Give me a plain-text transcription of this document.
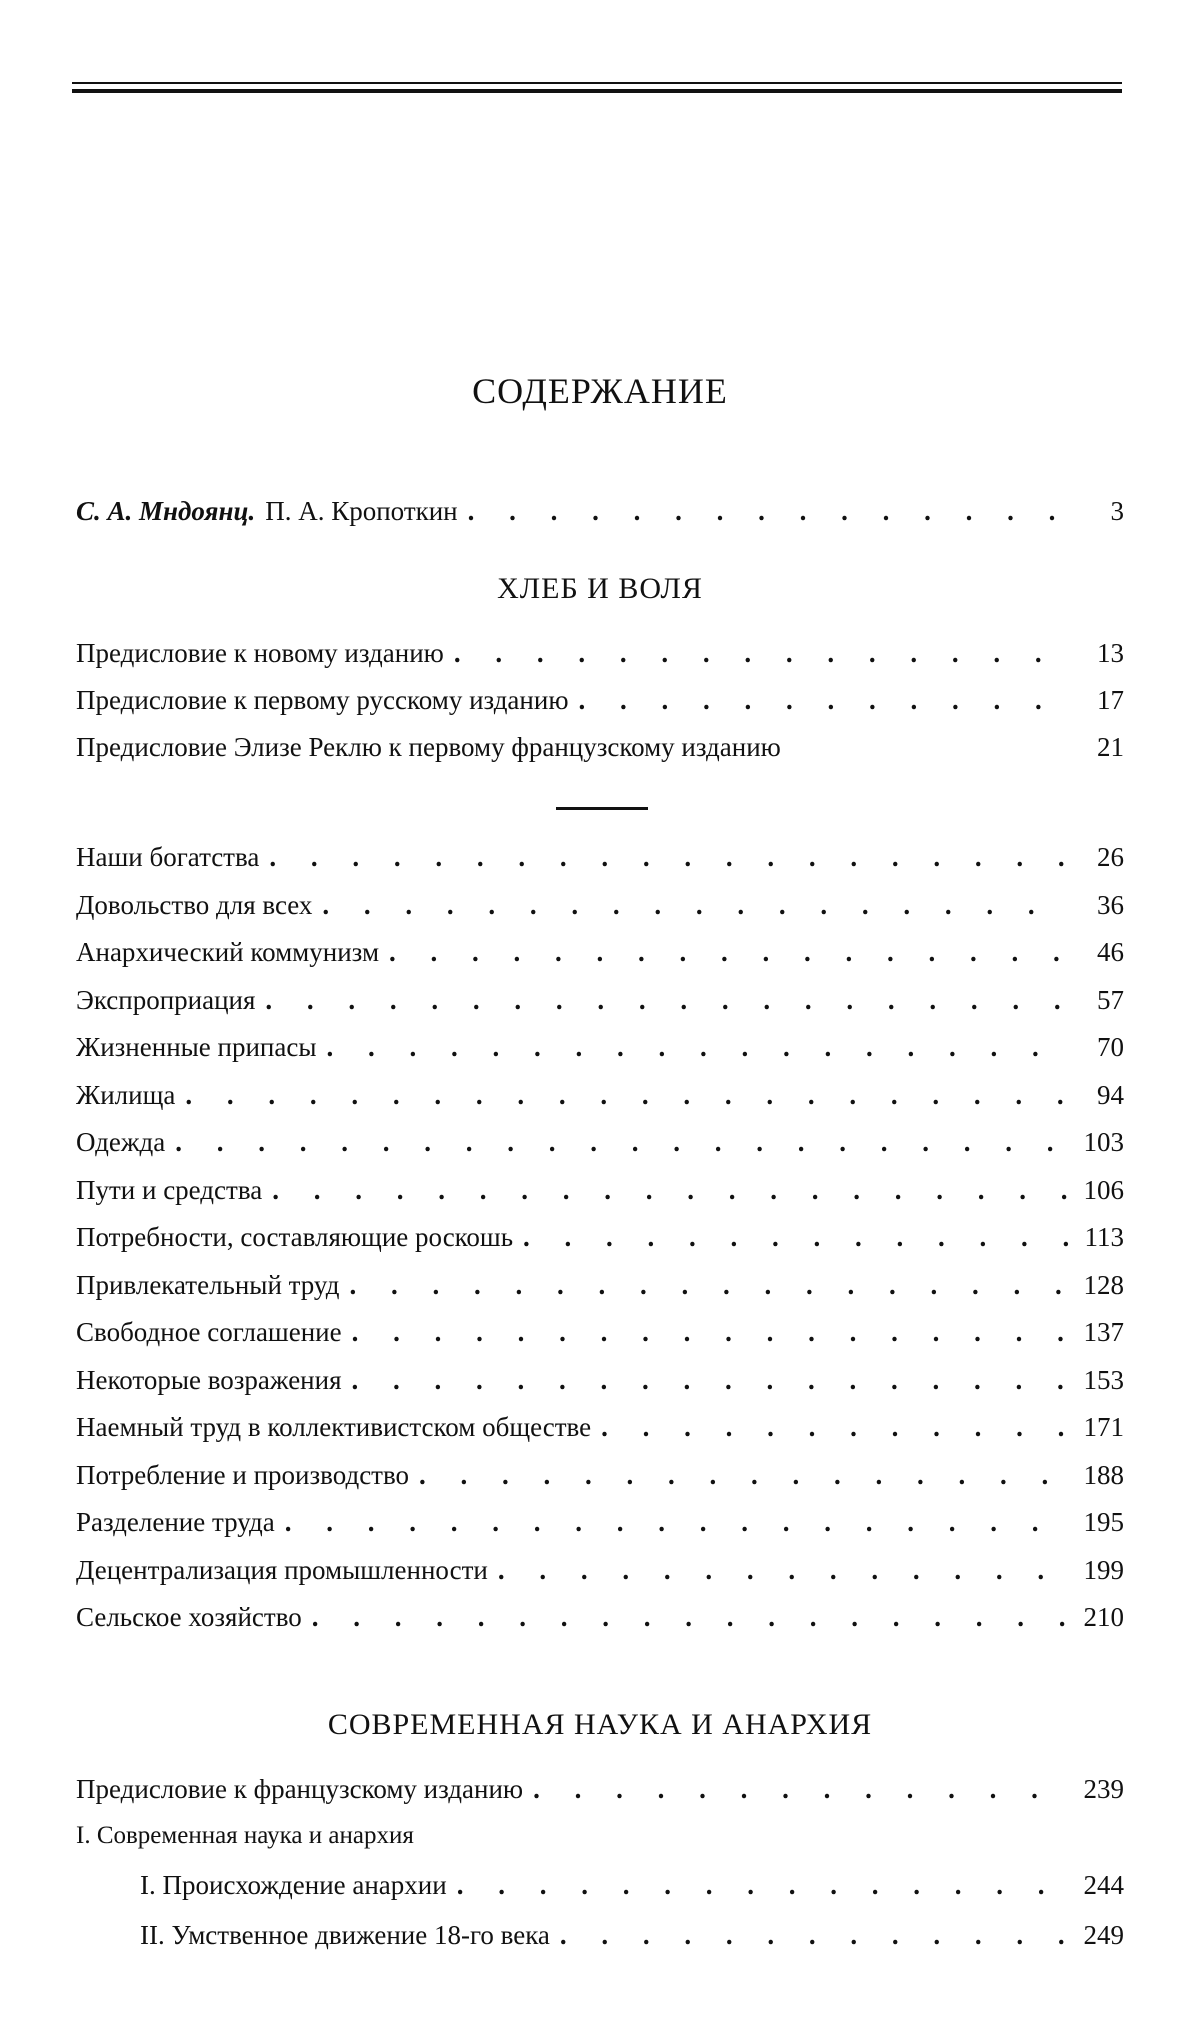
СОДЕРЖАНИЕ
С. А. Мндоянц. П. А. Кропоткин . . .	3
ХЛЕБ И ВОЛЯ
Предисловие к новому изданию . . .	13
Предисловие к первому русскому изданию . . .	17
Предисловие Элизе Реклю к первому французскому изданию	21
Наши богатства . . .	26
Довольство для всех . . .	36
Анархический коммунизм . . .	46
Экспроприация . . .	57
Жизненные припасы . . .	70
Жилища . . .	94
Одежда . . .	103
Пути и средства . . .	106
Потребности, составляющие роскошь . . .	113
Привлекательный труд . . .	128
Свободное соглашение . . .	137
Некоторые возражения . . .	153
Наемный труд в коллективистском обществе . . .	171
Потребление и производство . . .	188
Разделение труда . . .	195
Децентрализация промышленности . . .	199
Сельское хозяйство . . .	210
СОВРЕМЕННАЯ НАУКА И АНАРХИЯ
Предисловие к французскому изданию . . .	239
I. Современная наука и анархия
I. Происхождение анархии . . .	244
II. Умственное движение 18-го века . . .	249
